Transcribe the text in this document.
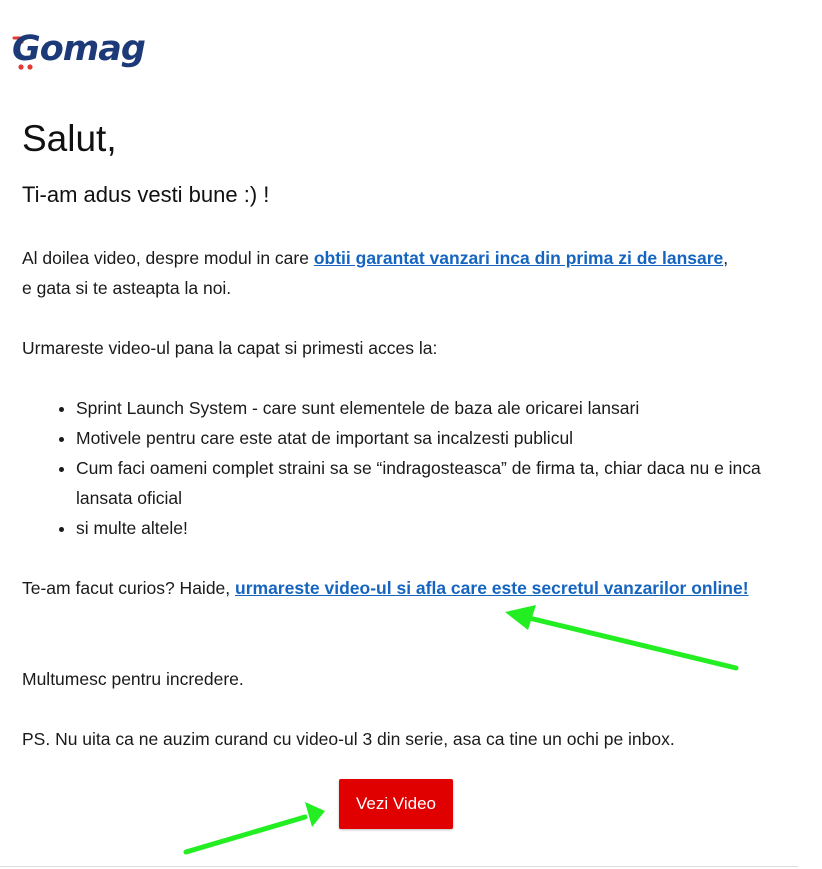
Gomag
Salut,
Ti-am adus vesti bune :) !

Al doilea video, despre modul in care obtii garantat vanzari inca din prima zi de lansare, e gata si te asteapta la noi.

Urmareste video-ul pana la capat si primesti acces la:

• Sprint Launch System - care sunt elementele de baza ale oricarei lansari
• Motivele pentru care este atat de important sa incalzesti publicul
• Cum faci oameni complet straini sa se “indragosteasca” de firma ta, chiar daca nu e inca lansata oficial
• si multe altele!

Te-am facut curios? Haide, urmareste video-ul si afla care este secretul vanzarilor online!

Multumesc pentru incredere.

PS. Nu uita ca ne auzim curand cu video-ul 3 din serie, asa ca tine un ochi pe inbox.

Vezi Video
